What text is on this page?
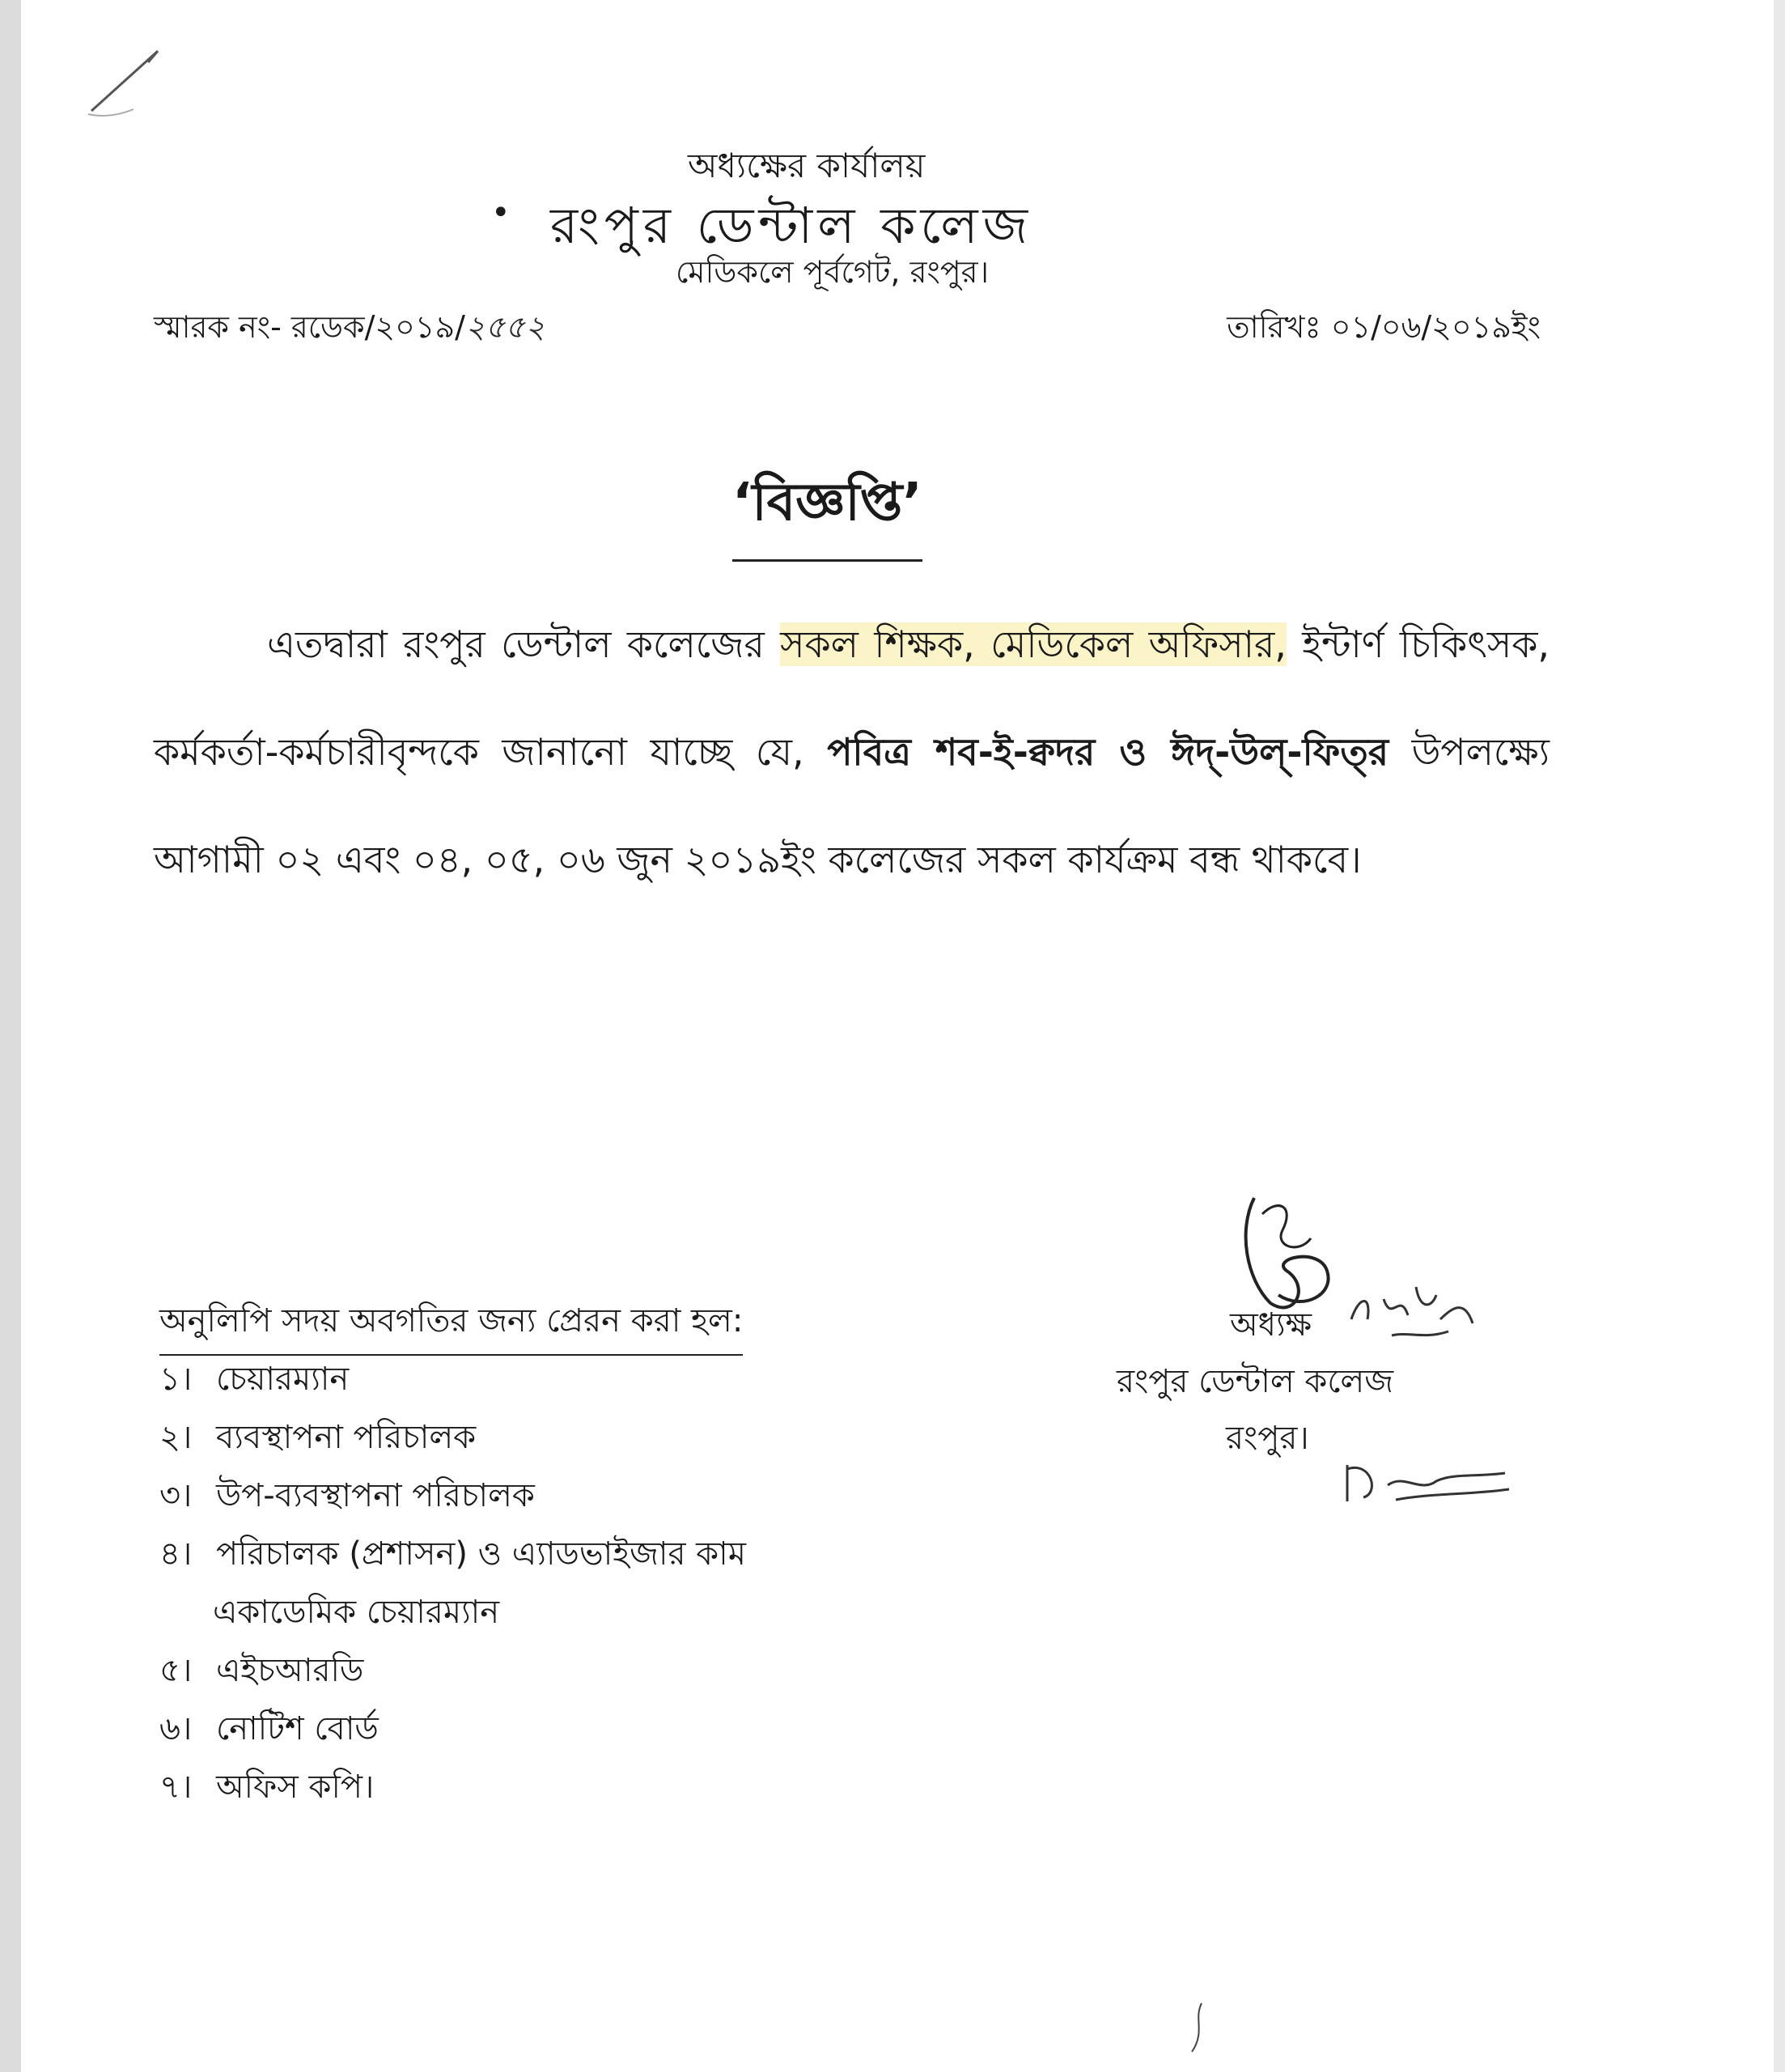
অধ্যক্ষের কার্যালয়
• রংপুর ডেন্টাল কলেজ
মেডিকলে পূর্বগেট, রংপুর।
স্মারক নং- রডেক/২০১৯/২৫৫২	তারিখঃ ০১/০৬/২০১৯ইং
‘বিজ্ঞপ্তি’

এতদ্বারা রংপুর ডেন্টাল কলেজের সকল শিক্ষক, মেডিকেল অফিসার, ইন্টার্ণ চিকিৎসক, কর্মকর্তা-কর্মচারীবৃন্দকে জানানো যাচ্ছে যে, পবিত্র শব-ই-ক্বদর ও ঈদ্-উল্-ফিত্‌র উপলক্ষ্যে আগামী ০২ এবং ০৪, ০৫, ০৬ জুন ২০১৯ইং কলেজের সকল কার্যক্রম বন্ধ থাকবে।

অধ্যক্ষ
রংপুর ডেন্টাল কলেজ
রংপুর।
অনুলিপি সদয় অবগতির জন্য প্রেরন করা হল:
১। চেয়ারম্যান
২। ব্যবস্থাপনা পরিচালক
৩। উপ-ব্যবস্থাপনা পরিচালক
৪। পরিচালক (প্রশাসন) ও এ্যাডভাইজার কাম
একাডেমিক চেয়ারম্যান
৫। এইচআরডি
৬। নোটিশ বোর্ড
৭। অফিস কপি।
